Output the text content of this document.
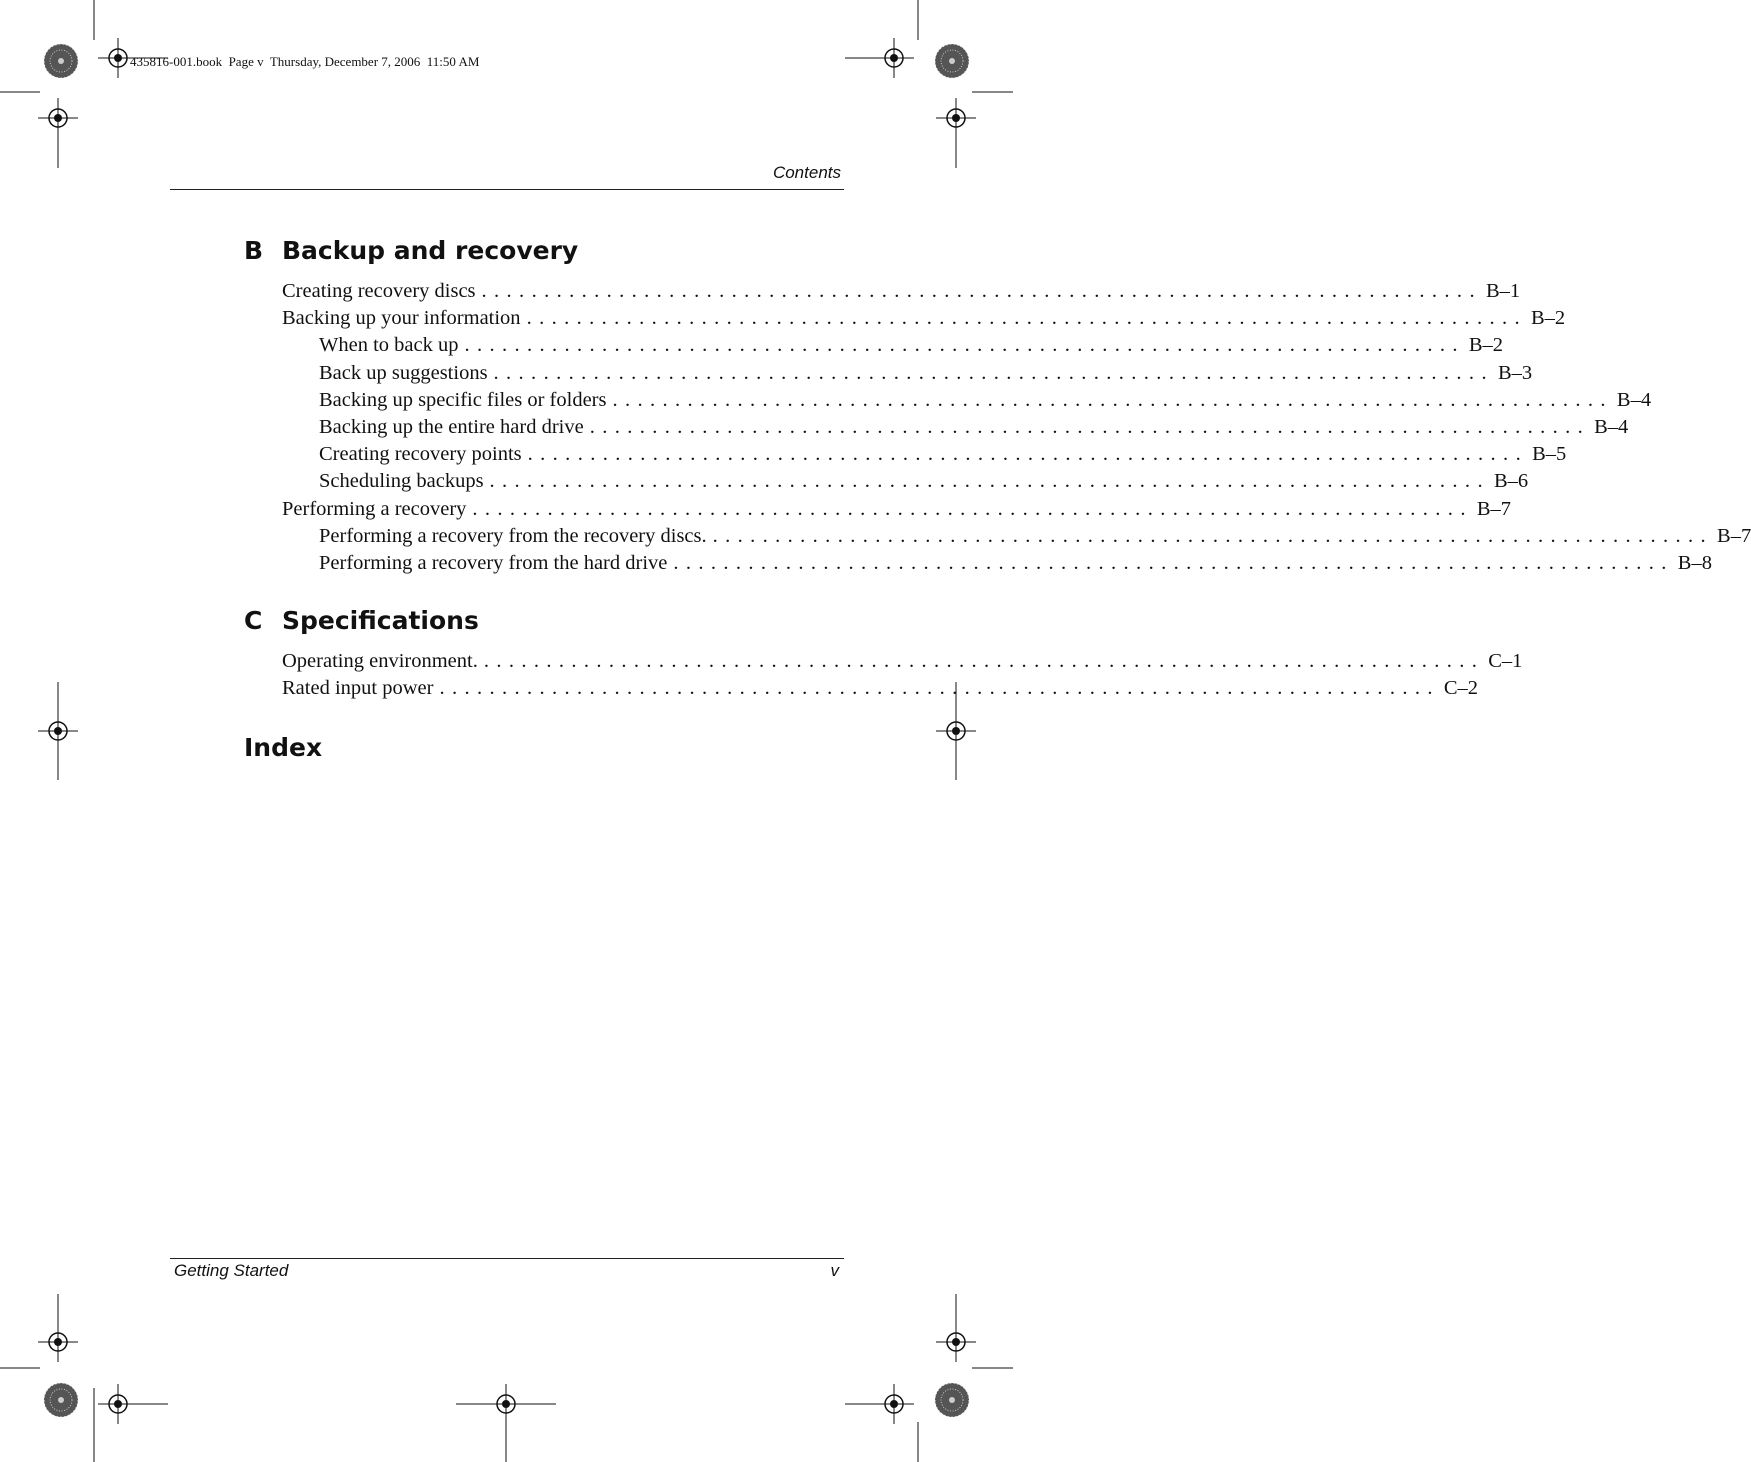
435816-001.book  Page v  Thursday, December 7, 2006  11:50 AM
Contents
B Backup and recovery
Creating recovery discs ................................................................................ B–1
Backing up your information ................................................................................ B–2
When to back up ................................................................................ B–2
Back up suggestions ................................................................................ B–3
Backing up specific files or folders ................................................................................ B–4
Backing up the entire hard drive ................................................................................ B–4
Creating recovery points ................................................................................ B–5
Scheduling backups ................................................................................ B–6
Performing a recovery ................................................................................ B–7
Performing a recovery from the recovery discs. ................................................................................ B–7
Performing a recovery from the hard drive ................................................................................ B–8
C Specifications
Operating environment. ................................................................................ C–1
Rated input power ................................................................................ C–2
Index
Getting Started	v
